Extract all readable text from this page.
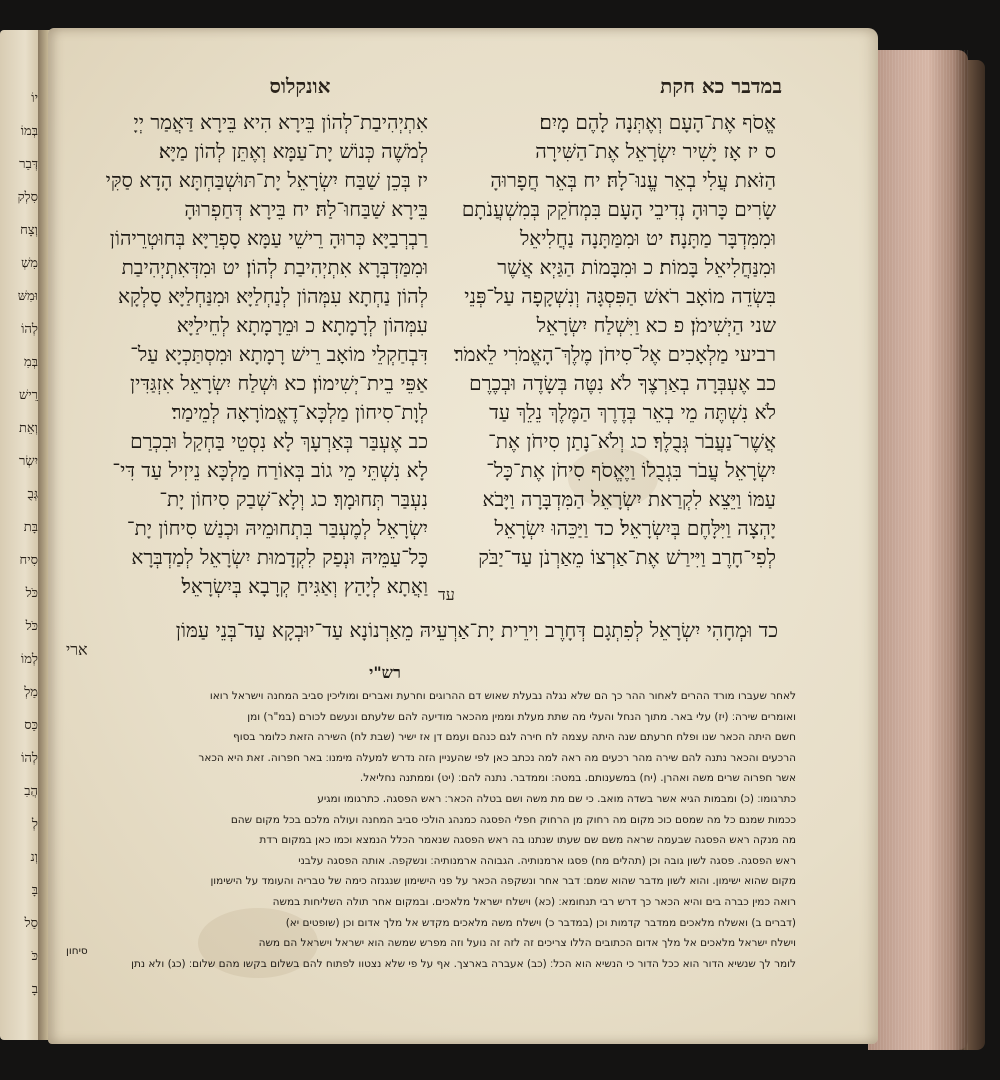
יוֹ
בְּמוֹ
דְּבַר
סִלְק
וְצָח
מִשְׁ
וּמִשּׁ
לְהוֹ
בְּמִ
רֵישׁ
וְאֵת
יִשְׂר
גְּבֻ
בָּת
סִיח
כֹּל
כֹּל
לְמוֹ
מַלְ
כַּס
לְהוֹ
הֲבִ
לְ
וְנ
בָּ
סַל
כֹּ
בָ
במדבר כא חקת
אונקלוס
אֱסֹף אֶת־הָעָם וְאֶתְּנָה לָהֶם מָיִם׃
ס יז אָז יָשִׁיר יִשְׂרָאֵל אֶת־הַשִּׁירָה
הַזֹּאת עֲלִי בְאֵר עֱנוּ־לָהּ׃ יח בְּאֵר חֲפָרוּהָ
שָׂרִים כָּרוּהָ נְדִיבֵי הָעָם בִּמְחֹקֵק בְּמִשְׁעֲנֹתָם
וּמִמִּדְבָּר מַתָּנָה׃ יט וּמִמַּתָּנָה נַחֲלִיאֵל
וּמִנַּחֲלִיאֵל בָּמוֹת׃ כ וּמִבָּמוֹת הַגַּיְא אֲשֶׁר
בִּשְׂדֵה מוֹאָב רֹאשׁ הַפִּסְגָּה וְנִשְׁקָפָה עַל־פְּנֵי
שני הַיְשִׁימֹן׃ פ כא וַיִּשְׁלַח יִשְׂרָאֵל
רביעי מַלְאָכִים אֶל־סִיחֹן מֶלֶךְ־הָאֱמֹרִי לֵאמֹר׃
כב אֶעְבְּרָה בְאַרְצֶךָ לֹא נִטֶּה בְּשָׂדֶה וּבְכֶרֶם
לֹא נִשְׁתֶּה מֵי בְאֵר בְּדֶרֶךְ הַמֶּלֶךְ נֵלֵךְ עַד
אֲשֶׁר־נַעֲבֹר גְּבֻלֶךָ׃ כג וְלֹא־נָתַן סִיחֹן אֶת־
יִשְׂרָאֵל עֲבֹר בִּגְבֻלוֹ וַיֶּאֱסֹף סִיחֹן אֶת־כָּל־
עַמּוֹ וַיֵּצֵא לִקְרַאת יִשְׂרָאֵל הַמִּדְבָּרָה וַיָּבֹא
יָהְצָה וַיִּלָּחֶם בְּיִשְׂרָאֵל׃ כד וַיַּכֵּהוּ יִשְׂרָאֵל
לְפִי־חָרֶב וַיִּירַשׁ אֶת־אַרְצוֹ מֵאַרְנֹן עַד־יַבֹּק
אִתְיְהִיבַת־לְהוֹן בֵּירָא הִיא בֵּירָא דַּאֲמַר יְיָ
לְמֹשֶׁה כְּנוֹשׁ יָת־עַמָּא וְאֶתֵּן לְהוֹן מַיָּא׃
יז בְּכֵן שַׁבַּח יִשְׂרָאֵל יָת־תּוּשְׁבַּחְתָּא הָדָא סַקִּי
בֵּירָא שַׁבַּחוּ־לַהּ׃ יח בֵּירָא דְּחַפְרוּהָ
רַבְרְבַיָּא כְּרוּהָ רֵישֵׁי עַמָּא סָפְרַיָּא בְּחוּטְרֵיהוֹן
וּמִמַּדְבְּרָא אִתְיְהִיבַת לְהוֹן׃ יט וּמִדְּאִתְיְהִיבַת
לְהוֹן נַחְתָא עִמְּהוֹן לְנַחְלַיָּא וּמִנַּחְלַיָּא סָלְקָא
עִמְּהוֹן לְרָמָתָא׃ כ וּמֵרָמָתָא לְחֵילַיָּא
דִּבְחַקְלֵי מוֹאָב רֵישׁ רָמָתָא וּמִסְתַּכְיָא עַל־
אַפֵּי בֵית־יְשִׁימוֹן׃ כא וּשְׁלַח יִשְׂרָאֵל אִזְגַּדִּין
לְוָת־סִיחוֹן מַלְכָּא־דֶאֱמוֹרָאָה לְמֵימַר׃
כב אֶעְבַּר בְּאַרְעָךְ לָא נִסְטֵי בַּחְקַל וּבִכְרַם
לָא נִשְׁתֵּי מֵי גוֹב בְּאוֹרַח מַלְכָּא נֵיזִיל עַד דִּי־
נִעְבַּר תְּחוּמָךְ׃ כג וְלָא־שְׁבַק סִיחוֹן יָת־
יִשְׂרָאֵל לְמֶעְבַּר בִּתְחוּמֵיהּ וּכְנַשׁ סִיחוֹן יָת־
כָּל־עַמֵּיהּ וּנְפַק לִקְדָמוּת יִשְׂרָאֵל לְמַדְבְּרָא
וַאֲתָא לְיָהַץ וְאַגִּיחַ קְרָבָא בְּיִשְׂרָאֵל׃ עד
כד וּמְחָהִי יִשְׂרָאֵל לְפִתְגָם דְּחָרֶב וִירֵית יָת־אַרְעֵיהּ מֵאַרְנוֹנָא עַד־יוּבְקָא עַד־בְּנֵי עַמּוֹן
ארי
רש"י
לאחר שעברו מורד ההרים לאחור ההר כך הם שלא נגלה נבעלת שאוש דם ההרוגים וחרעת ואברים ומוליכין סביב המחנה וישראל רואו
ואומרים שירה׃ (יז) עלי באר. מתוך הנחל והעלי מה שתת מעלת וממין מהכאר מודיעה להם שלעתם ונעשם לכורם (במ"ר) ומן
חשם היתה הכאר שנו ופלח חרעתם שנה היתה עצמה לח חירה לגם כנהם ועמם דן אז ישיר (שבת לח) השירה הזאת כלומר בסוף
הרכעים והכאר נתנה להם שירה מהר רכעים מה ראה למה נכתב כאן לפי שהעניין הזה נדרש למעלה מימנו׃ באר חפרוה. זאת היא הכאר
אשר חפרוה שרים משה ואהרן. (יח) במשענותם. במטה׃ וממדבר. נתנה להם׃ (יט) וממתנה נחליאל.
כתרגומו׃ (כ) ומבמות הגיא אשר בשדה מואב. כי שם מת משה ושם בטלה הכאר׃ ראש הפסגה. כתרגומו ומגיע
ככמות שמנם כל מה שמסם כוכ מקום מה רחוק מן הרחוק חפלי הפסגה כמנהג הולכי סביב המחנה ועולה מלכם בכל מקום שהם
מה מנקה ראש הפסגה שבעמה שראה משם שם שעתו שנתנו בה ראש הפסגה שנאמר הכלל הנמצא וכמו כאן במקום רדת
ראש הפסגה. פסגה לשון גובה וכן (תהלים מח) פסגו ארמנותיה. הגבוהה ארמנותיה׃ ונשקפה. אותה הפסגה עלבני
מקום שהוא ישימון. והוא לשון מדבר שהוא שמם׃ דבר אחר ונשקפה הכאר על פני הישימון שנגנזה כימה של טבריה והעומד על הישימון
רואה כמין כברה בים והיא הכאר כך דרש רבי תנחומא׃ (כא) וישלח ישראל מלאכים. ובמקום אחר תולה השליחות במשה
(דברים ב) ואשלח מלאכים ממדבר קדמות וכן (במדבר כ) וישלח משה מלאכים מקדש אל מלך אדום וכן (שופטים יא)
וישלח ישראל מלאכים אל מלך אדום הכתובים הללו צריכים זה לזה זה נועל וזה מפרש שמשה הוא ישראל וישראל הם משה
לומר לך שנשיא הדור הוא ככל הדור כי הנשיא הוא הכל׃ (כב) אעברה בארצך. אף על פי שלא נצטוו לפתוח להם בשלום בקשו מהם שלום׃ (כג) ולא נתן
סיחון
